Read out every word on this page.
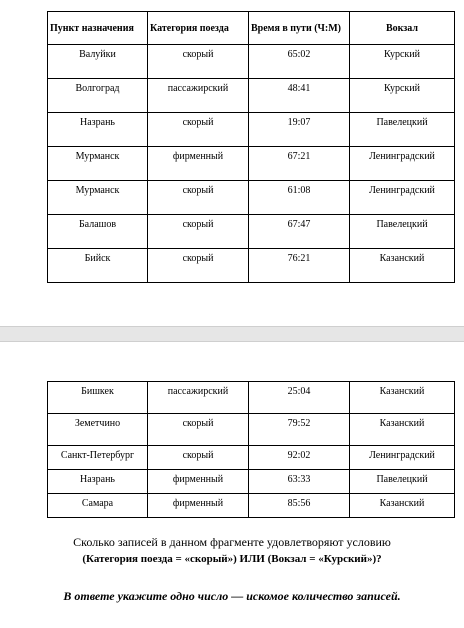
Пункт назначения	Категория поезда	Время в пути (Ч:М)	Вокзал
Валуйки	скорый	65:02	Курский
Волгоград	пассажирский	48:41	Курский
Назрань	скорый	19:07	Павелецкий
Мурманск	фирменный	67:21	Ленинградский
Мурманск	скорый	61:08	Ленинградский
Балашов	скорый	67:47	Павелецкий
Бийск	скорый	76:21	Казанский
Бишкек	пассажирский	25:04	Казанский
Земетчино	скорый	79:52	Казанский
Санкт-Петербург	скорый	92:02	Ленинградский
Назрань	фирменный	63:33	Павелецкий
Самара	фирменный	85:56	Казанский
Сколько записей в данном фрагменте удовлетворяют условию
(Категория поезда = «скорый») ИЛИ (Вокзал = «Курский»)?
В ответе укажите одно число — искомое количество записей.
